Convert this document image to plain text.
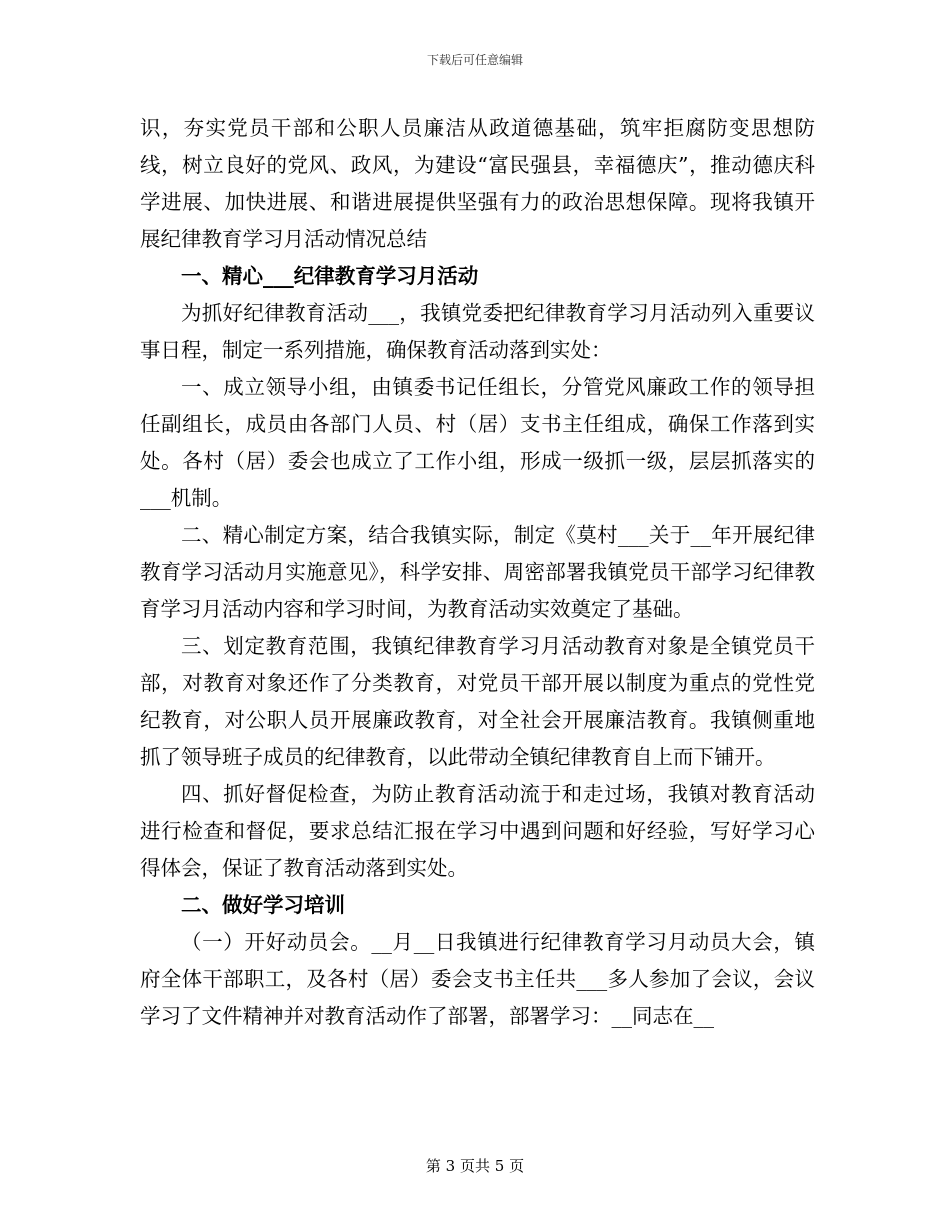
下载后可任意编辑

识，夯实党员干部和公职人员廉洁从政道德基础，筑牢拒腐防变思想防线，树立良好的党风、政风，为建设“富民强县，幸福德庆”，推动德庆科学进展、加快进展、和谐进展提供坚强有力的政治思想保障。现将我镇开展纪律教育学习月活动情况总结

一、精心___纪律教育学习月活动

为抓好纪律教育活动___，我镇党委把纪律教育学习月活动列入重要议事日程，制定一系列措施，确保教育活动落到实处：

一、成立领导小组，由镇委书记任组长，分管党风廉政工作的领导担任副组长，成员由各部门人员、村（居）支书主任组成，确保工作落到实处。各村（居）委会也成立了工作小组，形成一级抓一级，层层抓落实的___机制。

二、精心制定方案，结合我镇实际，制定《莫村___关于__年开展纪律教育学习活动月实施意见》，科学安排、周密部署我镇党员干部学习纪律教育学习月活动内容和学习时间，为教育活动实效奠定了基础。

三、划定教育范围，我镇纪律教育学习月活动教育对象是全镇党员干部，对教育对象还作了分类教育，对党员干部开展以制度为重点的党性党纪教育，对公职人员开展廉政教育，对全社会开展廉洁教育。我镇侧重地抓了领导班子成员的纪律教育，以此带动全镇纪律教育自上而下铺开。

四、抓好督促检查，为防止教育活动流于和走过场，我镇对教育活动进行检查和督促，要求总结汇报在学习中遇到问题和好经验，写好学习心得体会，保证了教育活动落到实处。

二、做好学习培训

（一）开好动员会。__月__日我镇进行纪律教育学习月动员大会，镇府全体干部职工，及各村（居）委会支书主任共___多人参加了会议，会议学习了文件精神并对教育活动作了部署，部署学习：__同志在__

第 3 页共 5 页
